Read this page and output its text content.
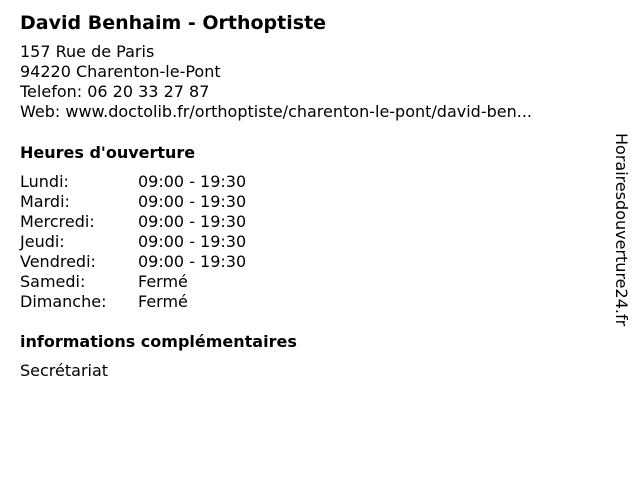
David Benhaim - Orthoptiste
157 Rue de Paris
94220 Charenton-le-Pont
Telefon: 06 20 33 27 87
Web: www.doctolib.fr/orthoptiste/charenton-le-pont/david-ben...
Heures d'ouverture
Lundi:	09:00 - 19:30
Mardi:	09:00 - 19:30
Mercredi:	09:00 - 19:30
Jeudi:	09:00 - 19:30
Vendredi:	09:00 - 19:30
Samedi:	Fermé
Dimanche:	Fermé
informations complémentaires
Secrétariat
Horairesdouverture24.fr
